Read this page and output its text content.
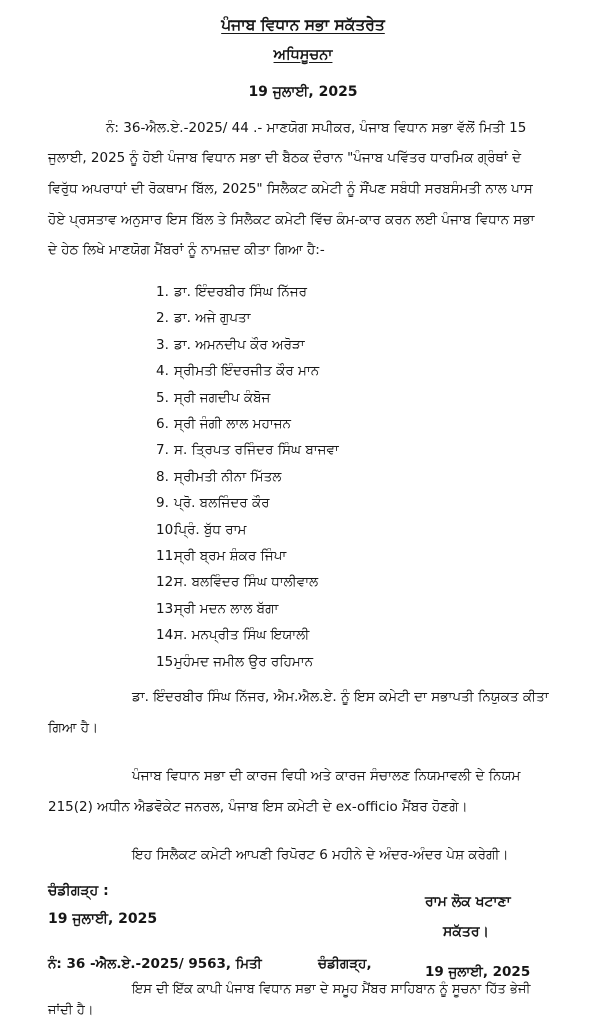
ਪੰਜਾਬ ਵਿਧਾਨ ਸਭਾ ਸਕੱਤਰੇਤ
ਅਧਿਸੂਚਨਾ
19 ਜੁਲਾਈ, 2025
ਨੰ: 36-ਐਲ.ਏ.-2025/ 44 .- ਮਾਣਯੋਗ ਸਪੀਕਰ, ਪੰਜਾਬ ਵਿਧਾਨ ਸਭਾ ਵੱਲੋਂ ਮਿਤੀ 15
ਜੁਲਾਈ, 2025 ਨੂੰ ਹੋਈ ਪੰਜਾਬ ਵਿਧਾਨ ਸਭਾ ਦੀ ਬੈਠਕ ਦੌਰਾਨ "ਪੰਜਾਬ ਪਵਿੱਤਰ ਧਾਰਮਿਕ ਗ੍ਰੰਥਾਂ ਦੇ
ਵਿਰੁੱਧ ਅਪਰਾਧਾਂ ਦੀ ਰੋਕਥਾਮ ਬਿੱਲ, 2025" ਸਿਲੈਕਟ ਕਮੇਟੀ ਨੂੰ ਸੌਂਪਣ ਸਬੰਧੀ ਸਰਬਸੰਮਤੀ ਨਾਲ ਪਾਸ
ਹੋਏ ਪ੍ਰਸਤਾਵ ਅਨੁਸਾਰ ਇਸ ਬਿੱਲ ਤੇ ਸਿਲੈਕਟ ਕਮੇਟੀ ਵਿੱਚ ਕੰਮ-ਕਾਰ ਕਰਨ ਲਈ ਪੰਜਾਬ ਵਿਧਾਨ ਸਭਾ
ਦੇ ਹੇਠ ਲਿਖੇ ਮਾਣਯੋਗ ਮੈਂਬਰਾਂ ਨੂੰ ਨਾਮਜ਼ਦ ਕੀਤਾ ਗਿਆ ਹੈ:-
1. ਡਾ. ਇੰਦਰਬੀਰ ਸਿੰਘ ਨਿੱਜਰ
2. ਡਾ. ਅਜੇ ਗੁਪਤਾ
3. ਡਾ. ਅਮਨਦੀਪ ਕੌਰ ਅਰੋੜਾ
4. ਸ੍ਰੀਮਤੀ ਇੰਦਰਜੀਤ ਕੌਰ ਮਾਨ
5. ਸ੍ਰੀ ਜਗਦੀਪ ਕੰਬੋਜ
6. ਸ੍ਰੀ ਜੰਗੀ ਲਾਲ ਮਹਾਜਨ
7. ਸ. ਤ੍ਰਿਪਤ ਰਜਿੰਦਰ ਸਿੰਘ ਬਾਜਵਾ
8. ਸ੍ਰੀਮਤੀ ਨੀਨਾ ਮਿੱਤਲ
9. ਪ੍ਰੋ. ਬਲਜਿੰਦਰ ਕੌਰ
10.ਪ੍ਰਿੰ. ਬੁੱਧ ਰਾਮ
11.ਸ੍ਰੀ ਬ੍ਰਮ ਸ਼ੰਕਰ ਜਿੰਪਾ
12.ਸ. ਬਲਵਿੰਦਰ ਸਿੰਘ ਧਾਲੀਵਾਲ
13.ਸ੍ਰੀ ਮਦਨ ਲਾਲ ਬੱਗਾ
14.ਸ. ਮਨਪ੍ਰੀਤ ਸਿੰਘ ਇਯਾਲੀ
15.ਮੁਹੰਮਦ ਜਮੀਲ ਉਰ ਰਹਿਮਾਨ
ਡਾ. ਇੰਦਰਬੀਰ ਸਿੰਘ ਨਿੱਜਰ, ਐਮ.ਐਲ.ਏ. ਨੂੰ ਇਸ ਕਮੇਟੀ ਦਾ ਸਭਾਪਤੀ ਨਿਯੁਕਤ ਕੀਤਾ
ਗਿਆ ਹੈ।
ਪੰਜਾਬ ਵਿਧਾਨ ਸਭਾ ਦੀ ਕਾਰਜ ਵਿਧੀ ਅਤੇ ਕਾਰਜ ਸੰਚਾਲਣ ਨਿਯਮਾਵਲੀ ਦੇ ਨਿਯਮ
215(2) ਅਧੀਨ ਐਡਵੋਕੇਟ ਜਨਰਲ, ਪੰਜਾਬ ਇਸ ਕਮੇਟੀ ਦੇ ex-officio ਮੈਂਬਰ ਹੋਣਗੇ।
ਇਹ ਸਿਲੈਕਟ ਕਮੇਟੀ ਆਪਣੀ ਰਿਪੋਰਟ 6 ਮਹੀਨੇ ਦੇ ਅੰਦਰ-ਅੰਦਰ ਪੇਸ਼ ਕਰੇਗੀ।
ਚੰਡੀਗੜ੍ਹ :
19 ਜੁਲਾਈ, 2025
ਰਾਮ ਲੋਕ ਖਟਾਣਾ
ਸਕੱਤਰ।
ਨੰ: 36 -ਐਲ.ਏ.-2025/ 9563, ਮਿਤੀ	ਚੰਡੀਗੜ੍ਹ,	19 ਜੁਲਾਈ, 2025
ਇਸ ਦੀ ਇੱਕ ਕਾਪੀ ਪੰਜਾਬ ਵਿਧਾਨ ਸਭਾ ਦੇ ਸਮੂਹ ਮੈਂਬਰ ਸਾਹਿਬਾਨ ਨੂੰ ਸੂਚਨਾ ਹਿੱਤ ਭੇਜੀ
ਜਾਂਦੀ ਹੈ।
